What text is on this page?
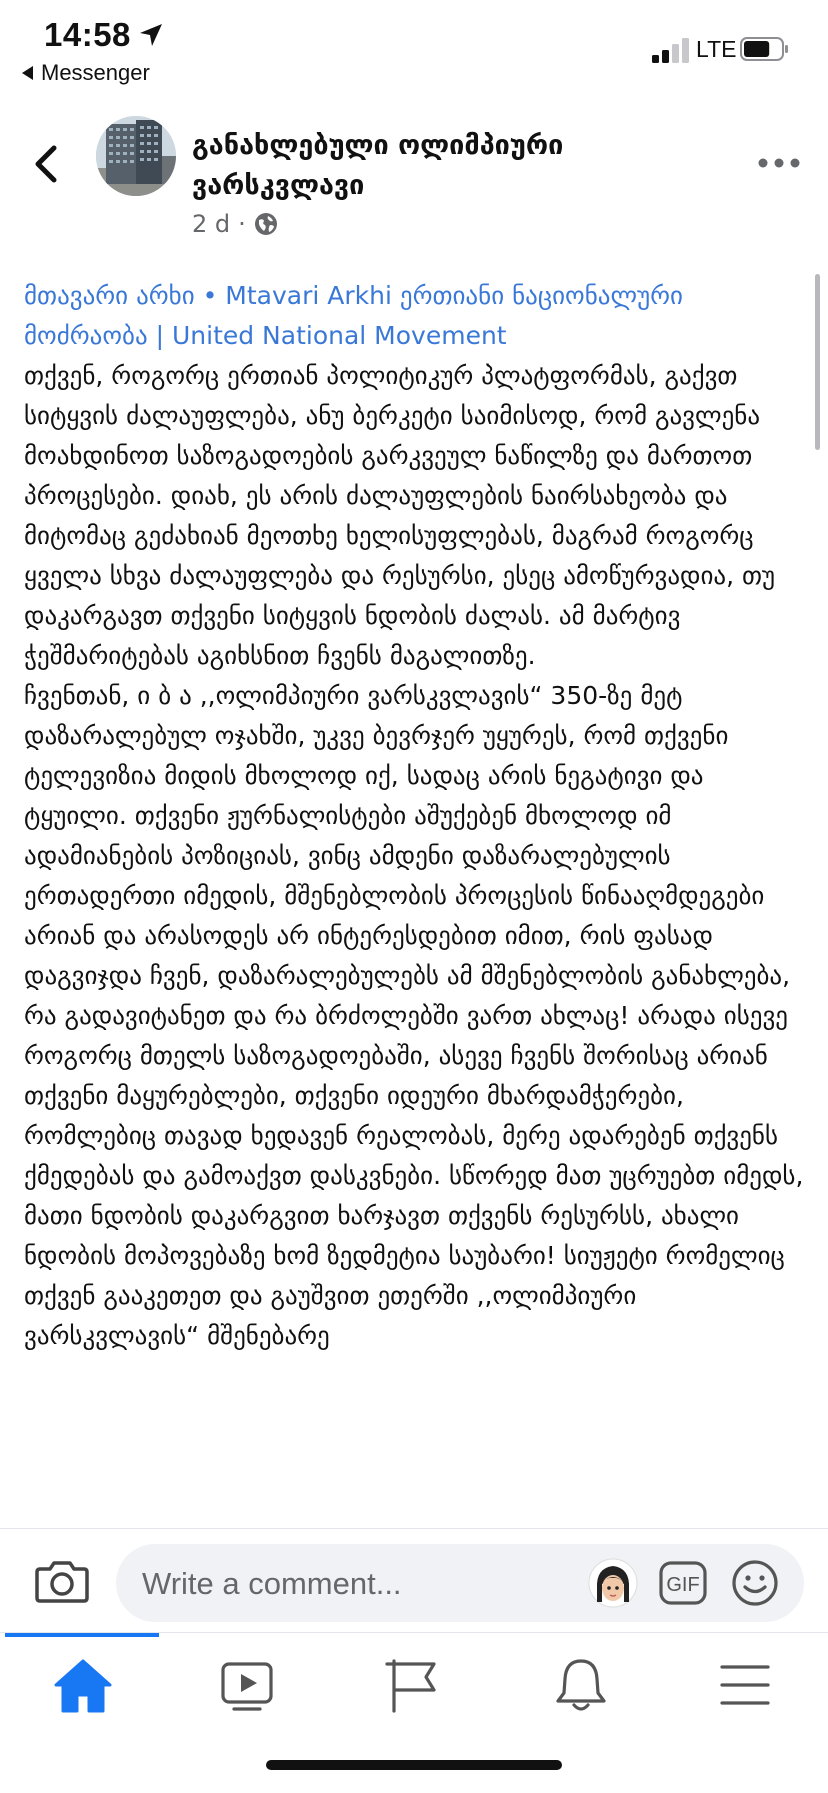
14:58
Messenger
LTE
განახლებული ოლიმპიური ვარსკვლავი
2 d ·
მთავარი არხი • Mtavari Arkhi ერთიანი ნაციონალური მოძრაობა | United National Movement

თქვენ, როგორც ერთიან პოლიტიკურ პლატფორმას, გაქვთ სიტყვის ძალაუფლება, ანუ ბერკეტი საიმისოდ, რომ გავლენა მოახდინოთ საზოგადოების გარკვეულ ნაწილზე და მართოთ პროცესები. დიახ, ეს არის ძალაუფლების ნაირსახეობა და მიტომაც გეძახიან მეოთხე ხელისუფლებას, მაგრამ როგორც ყველა სხვა ძალაუფლება და რესურსი, ესეც ამოწურვადია, თუ დაკარგავთ თქვენი სიტყვის ნდობის ძალას. ამ მარტივ ჭეშმარიტებას აგიხსნით ჩვენს მაგალითზე.

ჩვენთან, ი ბ ა ,,ოლიმპიური ვარსკვლავის“ 350-ზე მეტ დაზარალებულ ოჯახში, უკვე ბევრჯერ უყურეს, რომ თქვენი ტელევიზია მიდის მხოლოდ იქ, სადაც არის ნეგატივი და ტყუილი. თქვენი ჟურნალისტები აშუქებენ მხოლოდ იმ ადამიანების პოზიციას, ვინც ამდენი დაზარალებულის ერთადერთი იმედის, მშენებლობის პროცესის წინააღმდეგები არიან და არასოდეს არ ინტერესდებით იმით, რის ფასად დაგვიჯდა ჩვენ, დაზარალებულებს ამ მშენებლობის განახლება, რა გადავიტანეთ და რა ბრძოლებში ვართ ახლაც! არადა ისევე როგორც მთელს საზოგადოებაში, ასევე ჩვენს შორისაც არიან თქვენი მაყურებლები, თქვენი იდეური მხარდამჭერები, რომლებიც თავად ხედავენ რეალობას, მერე ადარებენ თქვენს ქმედებას და გამოაქვთ დასკვნები. სწორედ მათ უცრუებთ იმედს, მათი ნდობის დაკარგვით ხარჯავთ თქვენს რესურსს, ახალი ნდობის მოპოვებაზე ხომ ზედმეტია საუბარი! სიუჟეტი რომელიც თქვენ გააკეთეთ და გაუშვით ეთერში ,,ოლიმპიური ვარსკვლავის“ მშენებარე

Write a comment...
GIF
